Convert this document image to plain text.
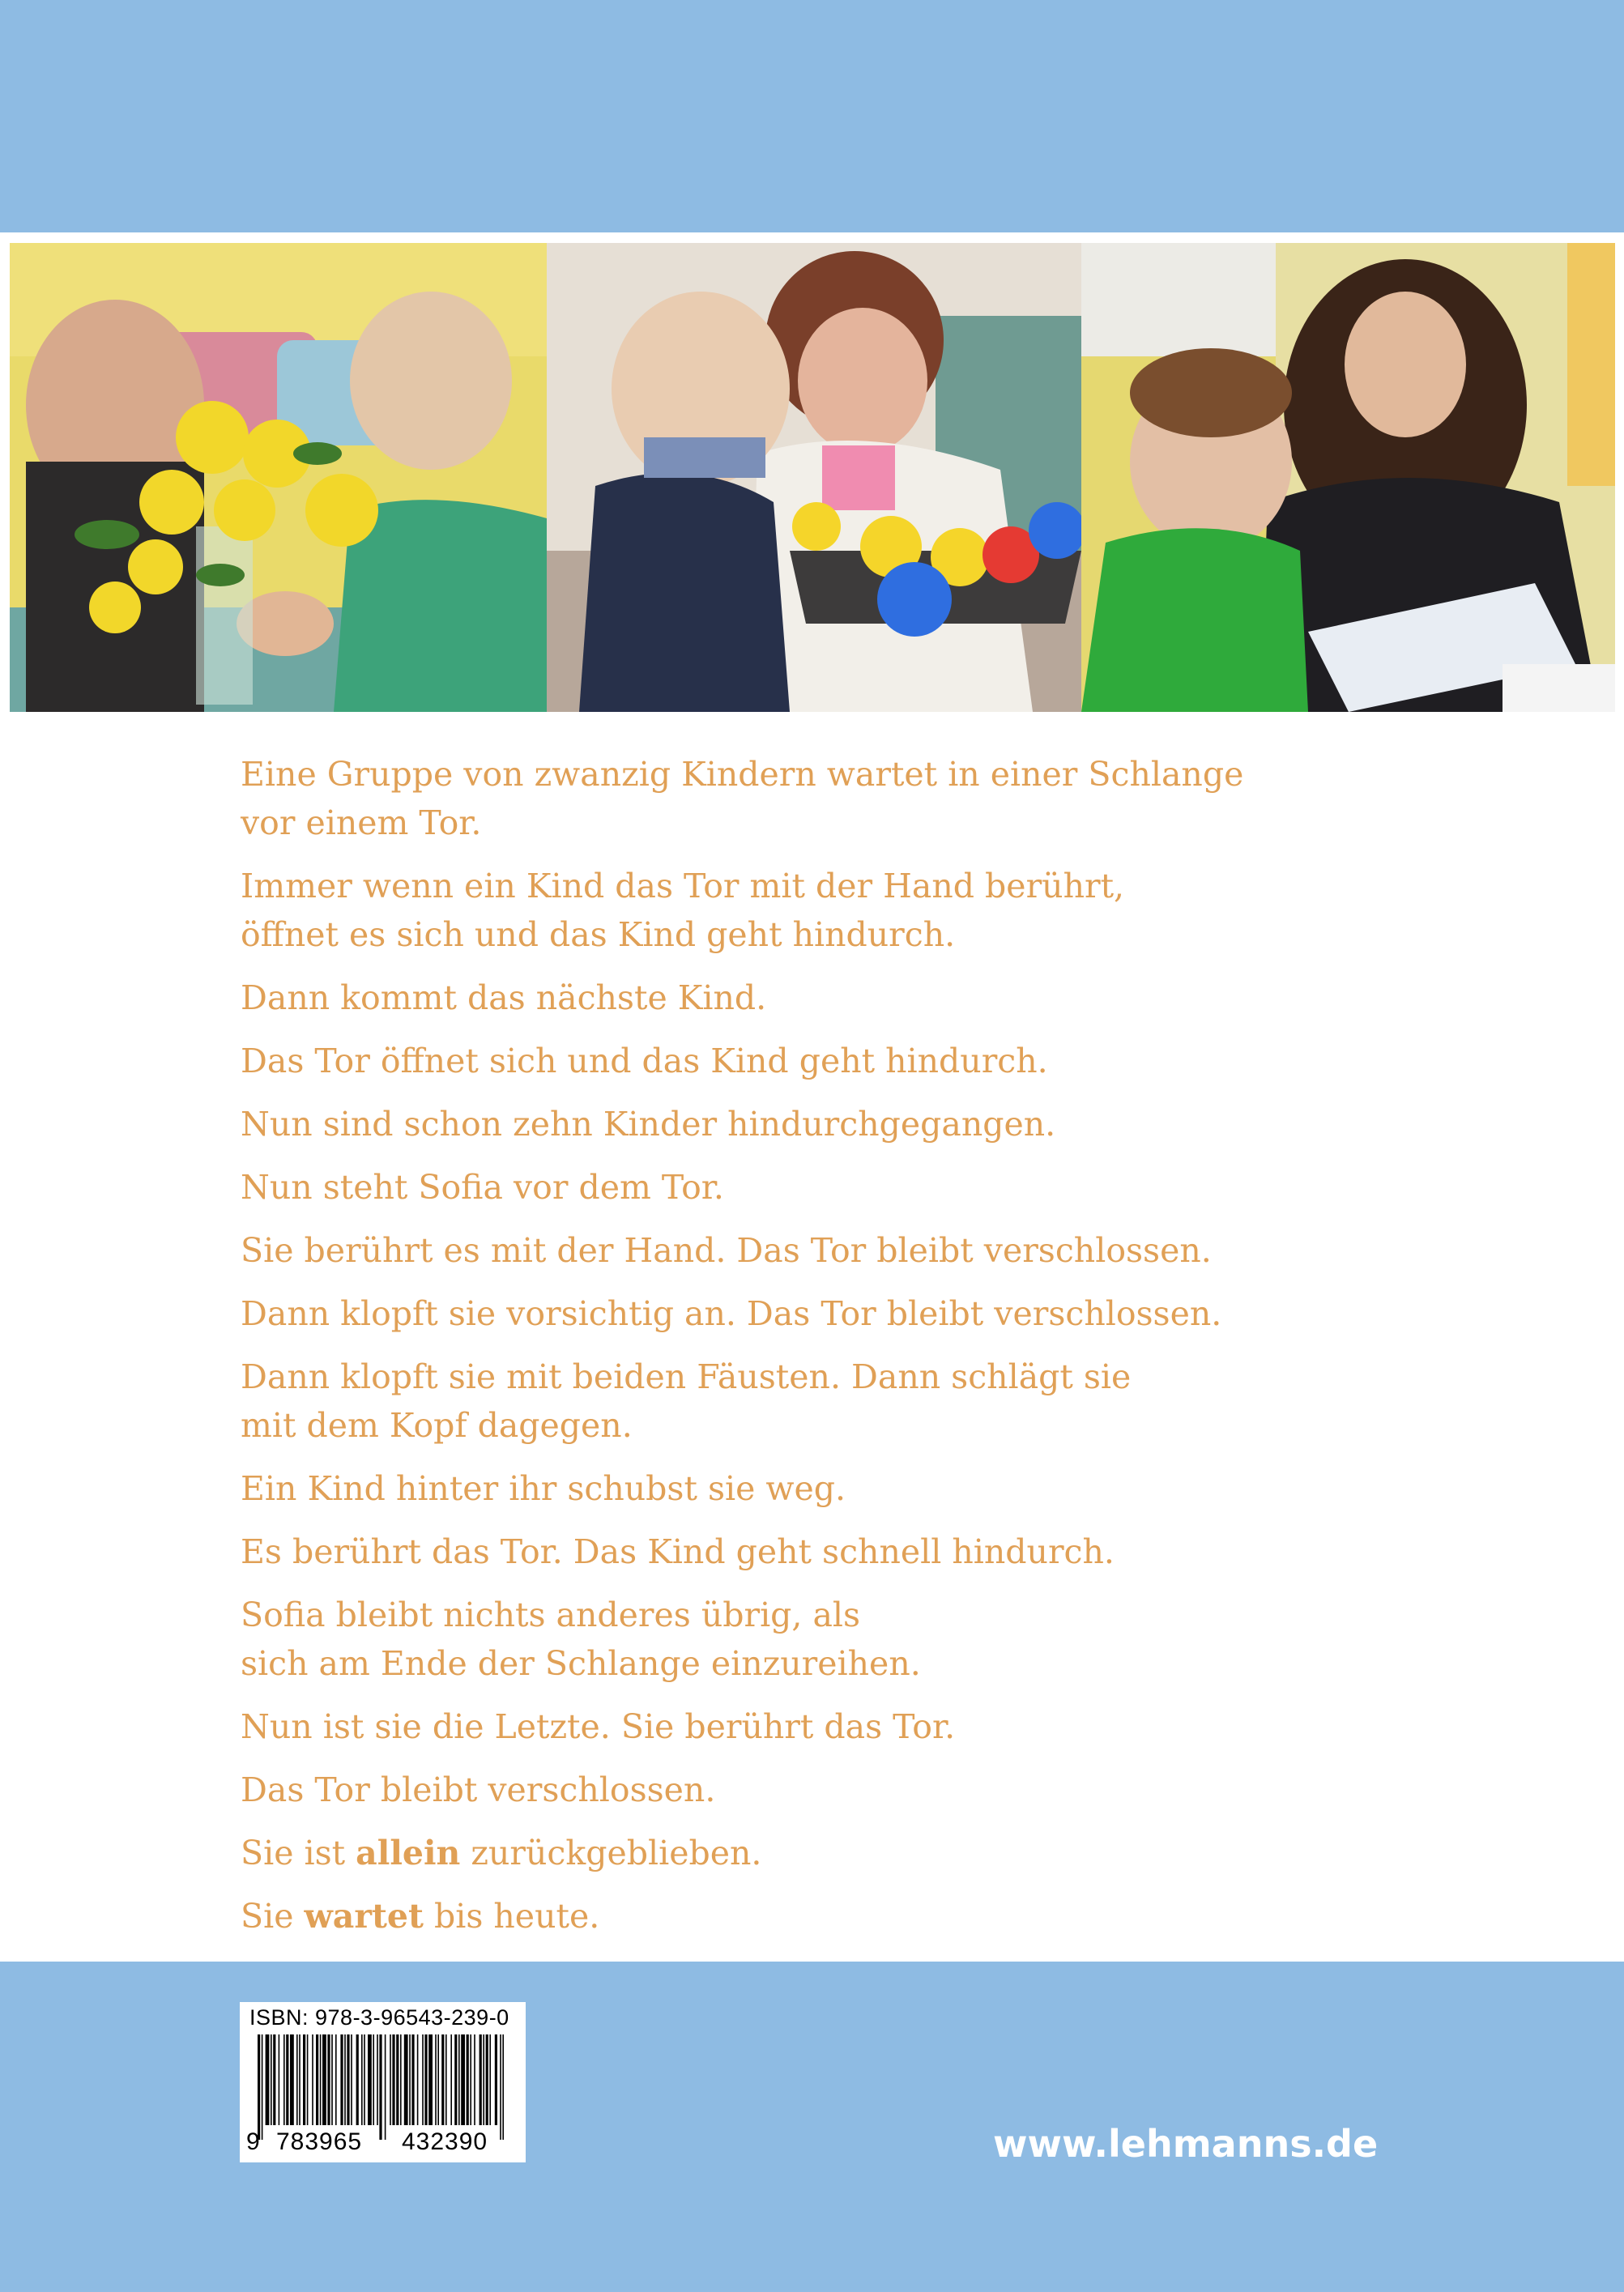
Eine Gruppe von zwanzig Kindern wartet in einer Schlange
vor einem Tor.

Immer wenn ein Kind das Tor mit der Hand berührt,
öffnet es sich und das Kind geht hindurch.

Dann kommt das nächste Kind.

Das Tor öffnet sich und das Kind geht hindurch.

Nun sind schon zehn Kinder hindurchgegangen.

Nun steht Sofia vor dem Tor.

Sie berührt es mit der Hand. Das Tor bleibt verschlossen.

Dann klopft sie vorsichtig an. Das Tor bleibt verschlossen.

Dann klopft sie mit beiden Fäusten. Dann schlägt sie
mit dem Kopf dagegen.

Ein Kind hinter ihr schubst sie weg.

Es berührt das Tor. Das Kind geht schnell hindurch.

Sofia bleibt nichts anderes übrig, als
sich am Ende der Schlange einzureihen.

Nun ist sie die Letzte. Sie berührt das Tor.

Das Tor bleibt verschlossen.

Sie ist allein zurückgeblieben.

Sie wartet bis heute.

ISBN: 978-3-96543-239-0
9 783965 432390	www.lehmanns.de
